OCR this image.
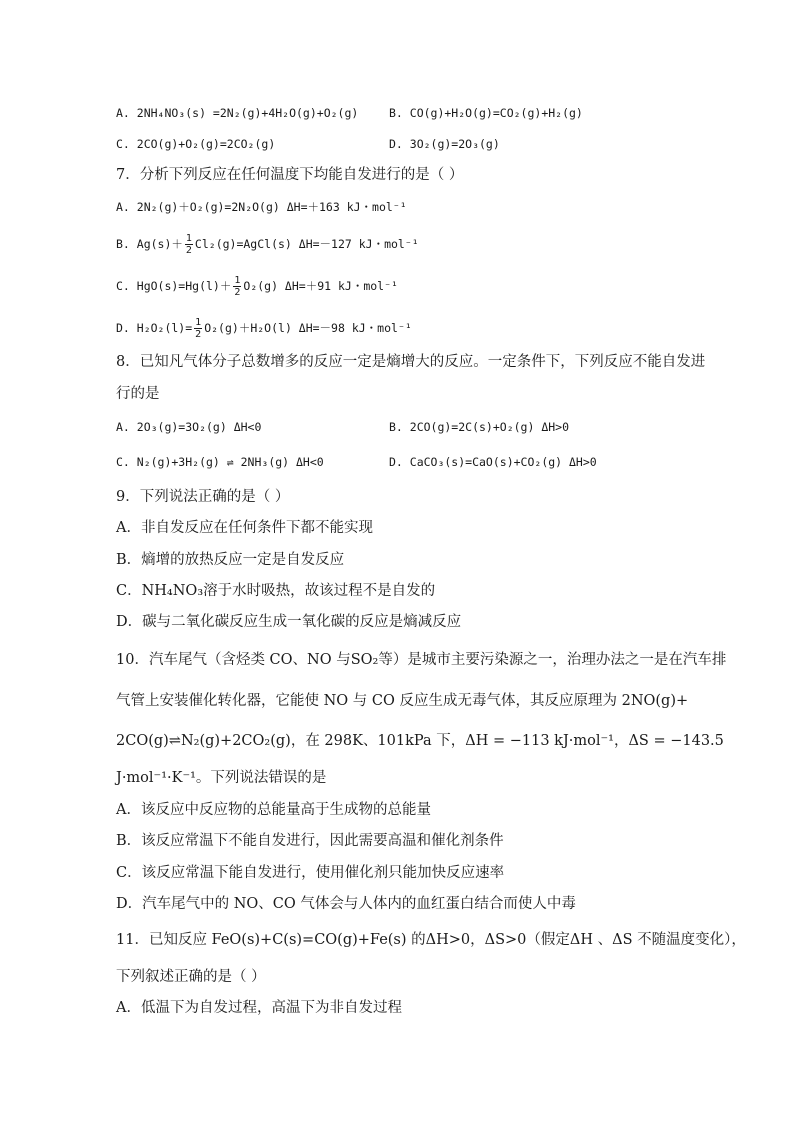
A. 2NH₄NO₃(s) =2N₂(g)+4H₂O(g)+O₂(g)	B. CO(g)+H₂O(g)=CO₂(g)+H₂(g)
C. 2CO(g)+O₂(g)=2CO₂(g)	D. 3O₂(g)=2O₃(g)
7．分析下列反应在任何温度下均能自发进行的是（ ）
A. 2N₂(g)＋O₂(g)=2N₂O(g) ΔH=＋163 kJ・mol⁻¹
B. $Ag(s)+ \frac{1}{2}$ Cl₂(g)=AgCl(s) ΔH=－127 kJ・mol⁻¹
C. $HgO(s)=Hg(l)+ \frac{1}{2} O_2(g)$ ΔH=＋91 kJ・mol⁻¹
D. $H_2O_2(l)= \frac{1}{2} O_2(g)+H_2O(l)$ ΔH=－98 kJ・mol⁻¹
8．已知凡气体分子总数增多的反应一定是熵增大的反应。一定条件下，下列反应不能自发进
行的是
A. 2O₃(g)=3O₂(g) ΔH<0	B. 2CO(g)=2C(s)+O₂(g) ΔH>0
C. N₂(g)+3H₂(g) ⇌ 2NH₃(g) ΔH<0	D. CaCO₃(s)=CaO(s)+CO₂(g) ΔH>0
9．下列说法正确的是（ ）
A．非自发反应在任何条件下都不能实现
B．熵增的放热反应一定是自发反应
C．NH₄NO₃溶于水时吸热，故该过程不是自发的
D．碳与二氧化碳反应生成一氧化碳的反应是熵减反应
10．汽车尾气（含烃类 CO、NO 与SO₂等）是城市主要污染源之一，治理办法之一是在汽车排
气管上安装催化转化器，它能使 NO 与 CO 反应生成无毒气体，其反应原理为 2NO(g)+
2CO(g)⇌N₂(g)+2CO₂(g)，在 298K、101kPa 下，ΔH = −113 kJ·mol⁻¹，ΔS = −143.5
J·mol⁻¹·K⁻¹。下列说法错误的是
A．该反应中反应物的总能量高于生成物的总能量
B．该反应常温下不能自发进行，因此需要高温和催化剂条件
C．该反应常温下能自发进行，使用催化剂只能加快反应速率
D．汽车尾气中的 NO、CO 气体会与人体内的血红蛋白结合而使人中毒
11．已知反应 FeO(s)+C(s)=CO(g)+Fe(s) 的ΔH>0，ΔS>0（假定ΔH 、ΔS 不随温度变化），
下列叙述正确的是（ ）
A．低温下为自发过程，高温下为非自发过程
